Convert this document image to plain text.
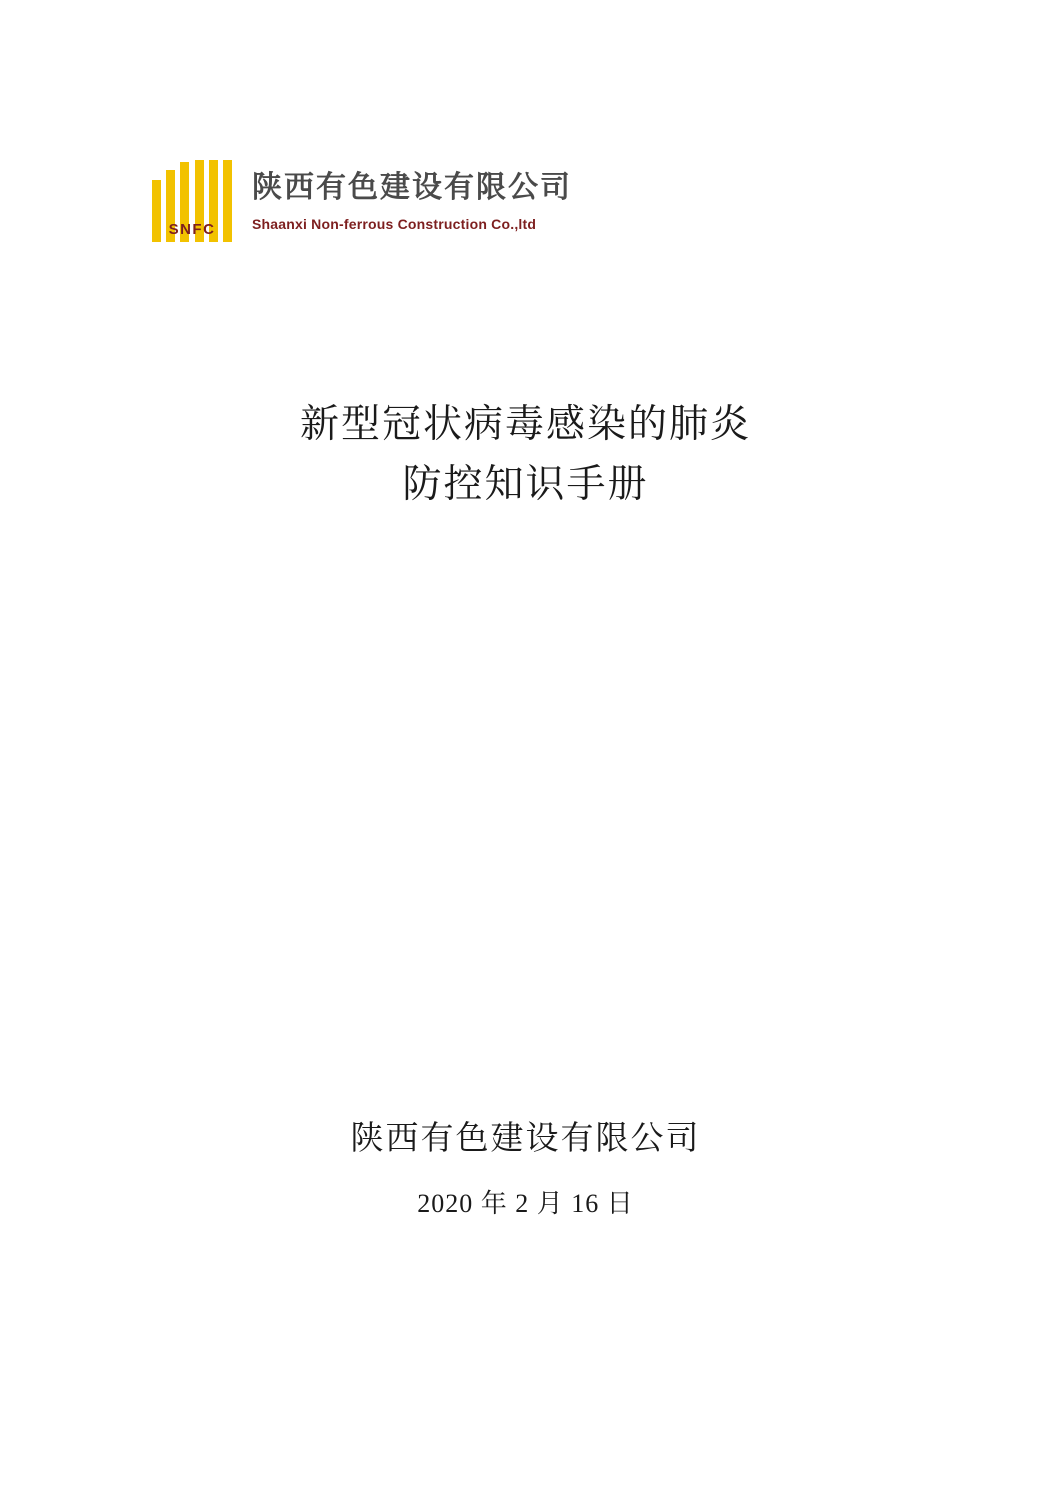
SNFC
陕西有色建设有限公司
Shaanxi Non-ferrous Construction Co.,ltd
新型冠状病毒感染的肺炎
防控知识手册
陕西有色建设有限公司
2020 年 2 月 16 日
